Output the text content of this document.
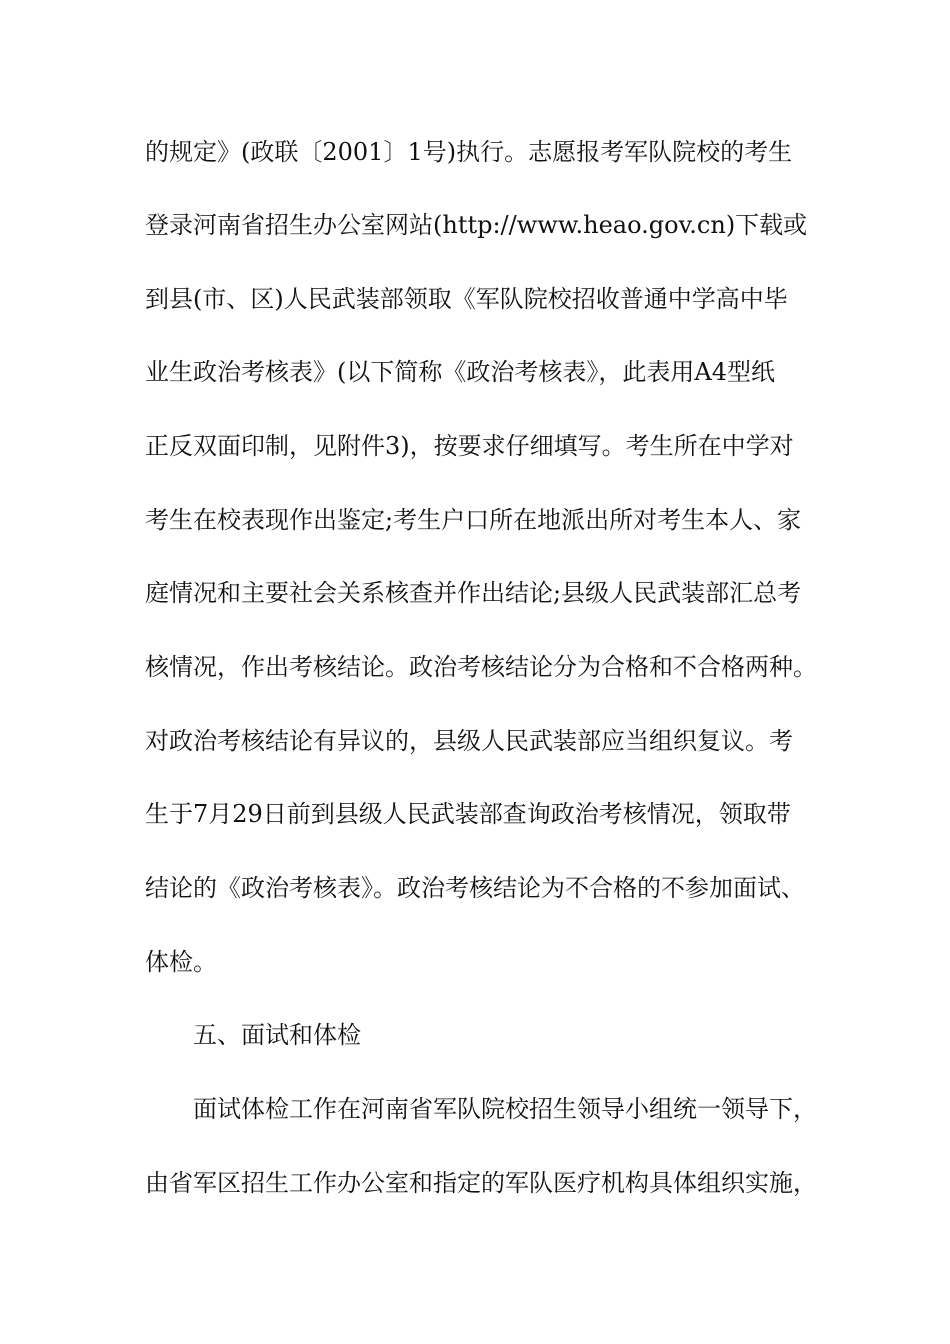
的规定》(政联〔2001〕1号)执行。志愿报考军队院校的考生
登录河南省招生办公室网站(http://www.heao.gov.cn)下载或
到县(市、区)人民武装部领取《军队院校招收普通中学高中毕
业生政治考核表》(以下简称《政治考核表》，此表用A4型纸
正反双面印制，见附件3)，按要求仔细填写。考生所在中学对
考生在校表现作出鉴定;考生户口所在地派出所对考生本人、家
庭情况和主要社会关系核查并作出结论;县级人民武装部汇总考
核情况，作出考核结论。政治考核结论分为合格和不合格两种。
对政治考核结论有异议的，县级人民武装部应当组织复议。考
生于7月29日前到县级人民武装部查询政治考核情况，领取带
结论的《政治考核表》。政治考核结论为不合格的不参加面试、
体检。
五、面试和体检
面试体检工作在河南省军队院校招生领导小组统一领导下，
由省军区招生工作办公室和指定的军队医疗机构具体组织实施，
